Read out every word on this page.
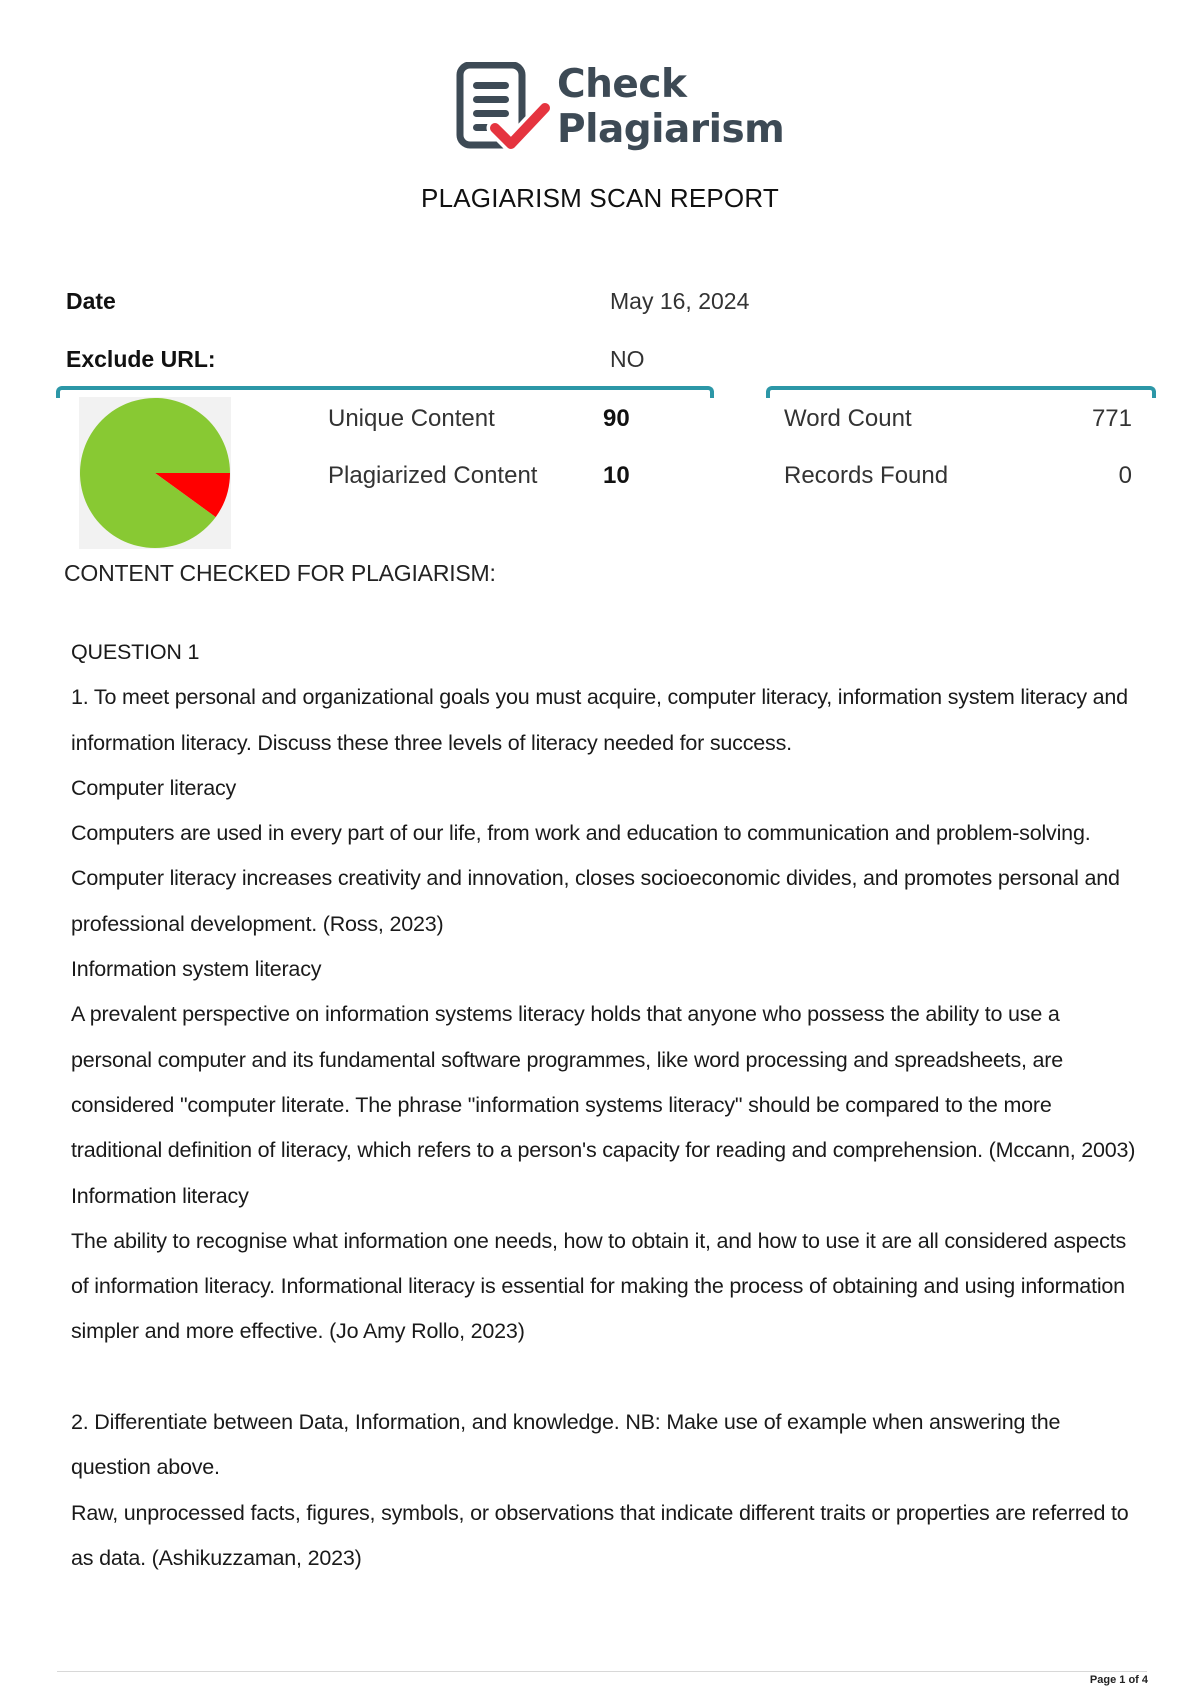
Check
Plagiarism
PLAGIARISM SCAN REPORT
Date	May 16, 2024
Exclude URL:	NO
Unique Content	90
Plagiarized Content	10
Word Count	771
Records Found	0
CONTENT CHECKED FOR PLAGIARISM:

QUESTION 1

1. To meet personal and organizational goals you must acquire, computer literacy, information system literacy and information literacy. Discuss these three levels of literacy needed for success.

Computer literacy

Computers are used in every part of our life, from work and education to communication and problem-solving. Computer literacy increases creativity and innovation, closes socioeconomic divides, and promotes personal and professional development. (Ross, 2023)

Information system literacy

A prevalent perspective on information systems literacy holds that anyone who possess the ability to use a personal computer and its fundamental software programmes, like word processing and spreadsheets, are considered "computer literate. The phrase "information systems literacy" should be compared to the more traditional definition of literacy, which refers to a person's capacity for reading and comprehension. (Mccann, 2003)

Information literacy

The ability to recognise what information one needs, how to obtain it, and how to use it are all considered aspects of information literacy. Informational literacy is essential for making the process of obtaining and using information simpler and more effective. (Jo Amy Rollo, 2023)

2. Differentiate between Data, Information, and knowledge. NB: Make use of example when answering the question above.

Raw, unprocessed facts, figures, symbols, or observations that indicate different traits or properties are referred to as data. (Ashikuzzaman, 2023)

Page 1 of 4
